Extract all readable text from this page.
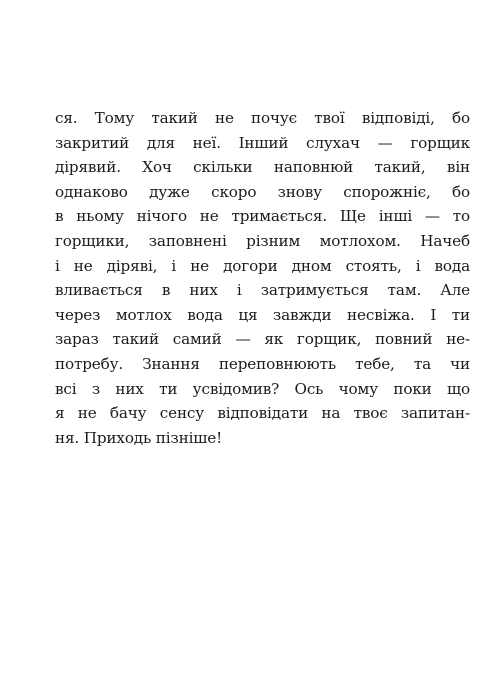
ся. Тому такий не почує твої відповіді, бо
закритий для неї. Інший слухач — горщик
дірявий. Хоч скільки наповнюй такий, він
однаково дуже скоро знову спорожніє, бо
в ньому нічого не тримається. Ще інші — то
горщики, заповнені різним мотлохом. Начеб
і не діряві, і не догори дном стоять, і вода
вливається в них і затримується там. Але
через мотлох вода ця завжди несвіжа. І ти
зараз такий самий — як горщик, повний не-
потребу. Знання переповнюють тебе, та чи
всі з них ти усвідомив? Ось чому поки що
я не бачу сенсу відповідати на твоє запитан-
ня. Приходь пізніше!
